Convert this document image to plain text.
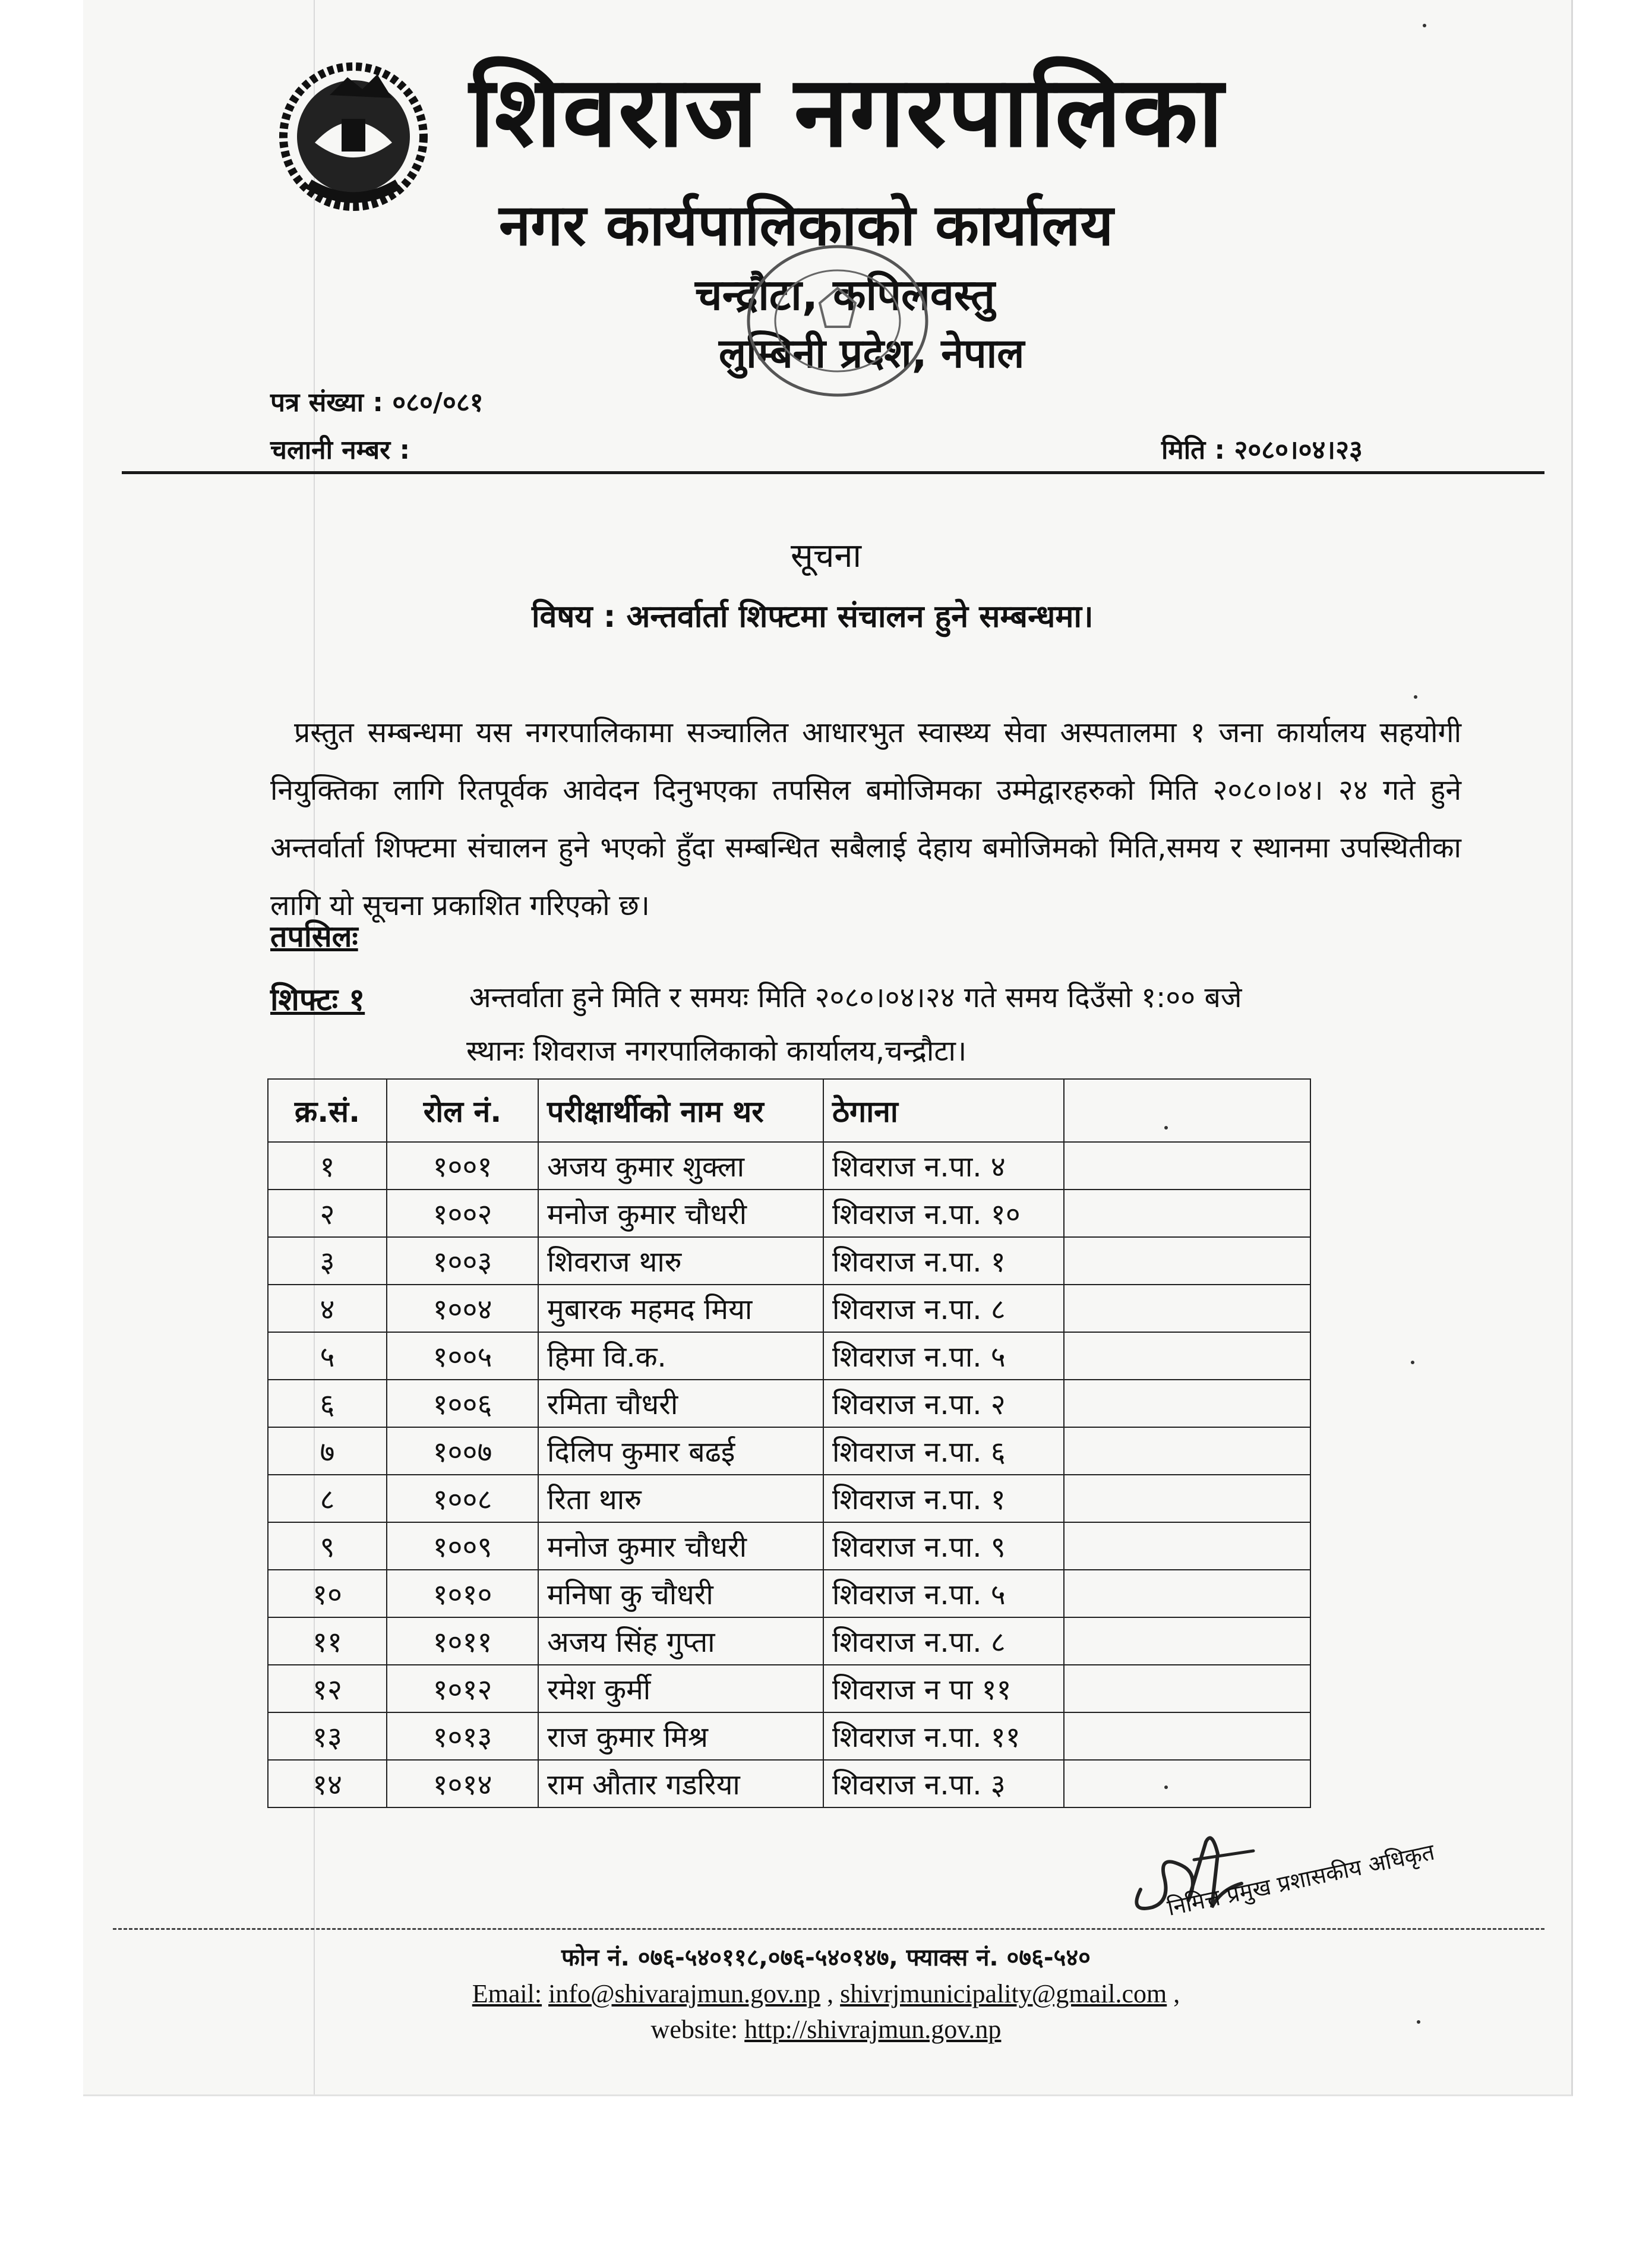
शिवराज नगरपालिका
नगर कार्यपालिकाको कार्यालय
चन्द्रौटा, कपिलवस्तु
लुम्बिनी प्रदेश, नेपाल
पत्र संख्या : ०८०/०८१
चलानी नम्बर :	मिति : २०८०।०४।२३
सूचना
विषय : अन्तर्वार्ता शिफ्टमा संचालन हुने सम्बन्धमा।
प्रस्तुत सम्बन्धमा यस नगरपालिकामा सञ्चालित आधारभुत स्वास्थ्य सेवा अस्पतालमा १ जना कार्यालय सहयोगी नियुक्तिका लागि रितपूर्वक आवेदन दिनुभएका तपसिल बमोजिमका उम्मेद्वारहरुको मिति २०८०।०४। २४ गते हुने अन्तर्वार्ता शिफ्टमा संचालन हुने भएको हुँदा सम्बन्धित सबैलाई देहाय बमोजिमको मिति,समय र स्थानमा उपस्थितीका लागि यो सूचना प्रकाशित गरिएको छ।
तपसिलः
शिफ्टः १	अन्तर्वाता हुने मिति र समयः मिति २०८०।०४।२४ गते समय दिउँसो १:०० बजे
स्थानः शिवराज नगरपालिकाको कार्यालय,चन्द्रौटा।
क्र.सं.	रोल नं.	परीक्षार्थीको नाम थर	ठेगाना	
१	१००१	अजय कुमार शुक्ला	शिवराज न.पा. ४	
२	१००२	मनोज कुमार चौधरी	शिवराज न.पा. १०	
३	१००३	शिवराज थारु	शिवराज न.पा. १	
४	१००४	मुबारक महमद मिया	शिवराज न.पा. ८	
५	१००५	हिमा वि.क.	शिवराज न.पा. ५	
६	१००६	रमिता चौधरी	शिवराज न.पा. २	
७	१००७	दिलिप कुमार बढई	शिवराज न.पा. ६	
८	१००८	रिता थारु	शिवराज न.पा. १	
९	१००९	मनोज कुमार चौधरी	शिवराज न.पा. ९	
१०	१०१०	मनिषा कु चौधरी	शिवराज न.पा. ५	
११	१०११	अजय सिंह गुप्ता	शिवराज न.पा. ८	
१२	१०१२	रमेश कुर्मी	शिवराज न पा ११	
१३	१०१३	राज कुमार मिश्र	शिवराज न.पा. ११	
१४	१०१४	राम औतार गडरिया	शिवराज न.पा. ३	
निमित्त प्रमुख प्रशासकीय अधिकृत
फोन नं. ०७६-५४०११८,०७६-५४०१४७, फ्याक्स नं. ०७६-५४०
Email: info@shivarajmun.gov.np , shivrjmunicipality@gmail.com ,
website: http://shivrajmun.gov.np
